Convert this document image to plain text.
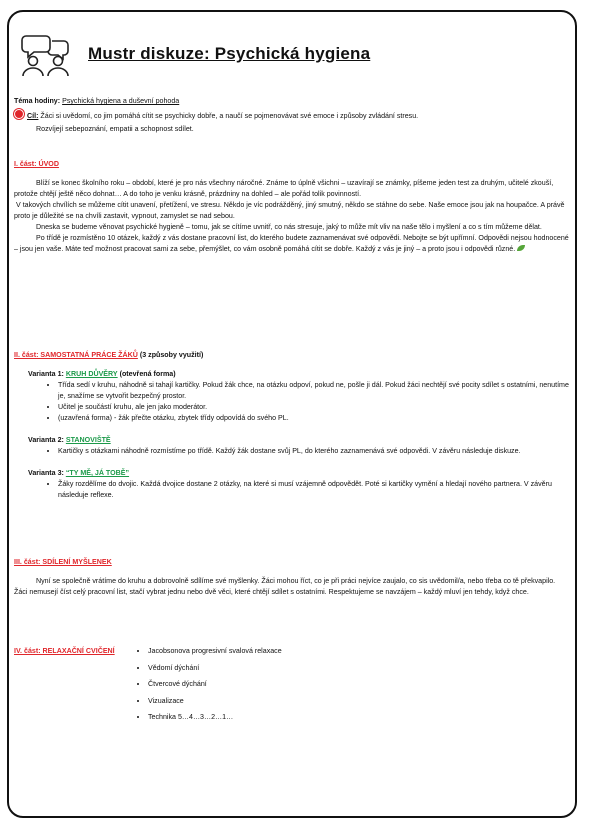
Mustr diskuze: Psychická hygiena

Téma hodiny: Psychická hygiena a duševní pohoda

Cíl: Žáci si uvědomí, co jim pomáhá cítit se psychicky dobře, a naučí se pojmenovávat své emoce i způsoby zvládání stresu.

Rozvíjejí sebepoznání, empatii a schopnost sdílet.

I. část: ÚVOD

Blíží se konec školního roku – období, které je pro nás všechny náročné. Známe to úplně všichni – uzavírají se známky, píšeme jeden test za druhým, učitelé zkouší, protože chtějí ještě něco dohnat… A do toho je venku krásně, prázdniny na dohled – ale pořád tolik povinností.

V takových chvílích se můžeme cítit unavení, přetížení, ve stresu. Někdo je víc podrážděný, jiný smutný, někdo se stáhne do sebe. Naše emoce jsou jak na houpačce. A právě proto je důležité se na chvíli zastavit, vypnout, zamyslet se nad sebou.

Dneska se budeme věnovat psychické hygieně – tomu, jak se cítíme uvnitř, co nás stresuje, jaký to může mít vliv na naše tělo i myšlení a co s tím můžeme dělat.

Po třídě je rozmístěno 10 otázek, každý z vás dostane pracovní list, do kterého budete zaznamenávat své odpovědi. Nebojte se být upřímní. Odpovědi nejsou hodnocené – jsou jen vaše. Máte teď možnost pracovat sami za sebe, přemýšlet, co vám osobně pomáhá cítit se dobře. Každý z vás je jiný – a proto jsou i odpovědi různé.

II. část: SAMOSTATNÁ PRÁCE ŽÁKŮ (3 způsoby využití)

Varianta 1: KRUH DŮVĚRY (otevřená forma)

• Třída sedí v kruhu, náhodně si tahají kartičky. Pokud žák chce, na otázku odpoví, pokud ne, pošle ji dál. Pokud žáci nechtějí své pocity sdílet s ostatními, nenutíme je, snažíme se vytvořit bezpečný prostor.
• Učitel je součástí kruhu, ale jen jako moderátor.
• (uzavřená forma) - žák přečte otázku, zbytek třídy odpovídá do svého PL.

Varianta 2: STANOVIŠTĚ

• Kartičky s otázkami náhodně rozmístíme po třídě. Každý žák dostane svůj PL, do kterého zaznamenává své odpovědi. V závěru následuje diskuze.

Varianta 3: “TY MĚ, JÁ TOBĚ”

• Žáky rozdělíme do dvojic. Každá dvojice dostane 2 otázky, na které si musí vzájemně odpovědět. Poté si kartičky vymění a hledají nového partnera. V závěru následuje reflexe.

III. část: SDÍLENÍ MYŠLENEK

Nyní se společně vrátíme do kruhu a dobrovolně sdílíme své myšlenky. Žáci mohou říct, co je při práci nejvíce zaujalo, co sis uvědomil/a, nebo třeba co tě překvapilo. Žáci nemusejí číst celý pracovní list, stačí vybrat jednu nebo dvě věci, které chtějí sdílet s ostatními. Respektujeme se navzájem – každý mluví jen tehdy, když chce.

IV. část: RELAXAČNÍ CVIČENÍ

•	Jacobsonova progresivní svalová relaxace
• Vědomí dýchání
• Čtvercové dýchání
• Vizualizace
• Technika 5…4…3…2…1…
